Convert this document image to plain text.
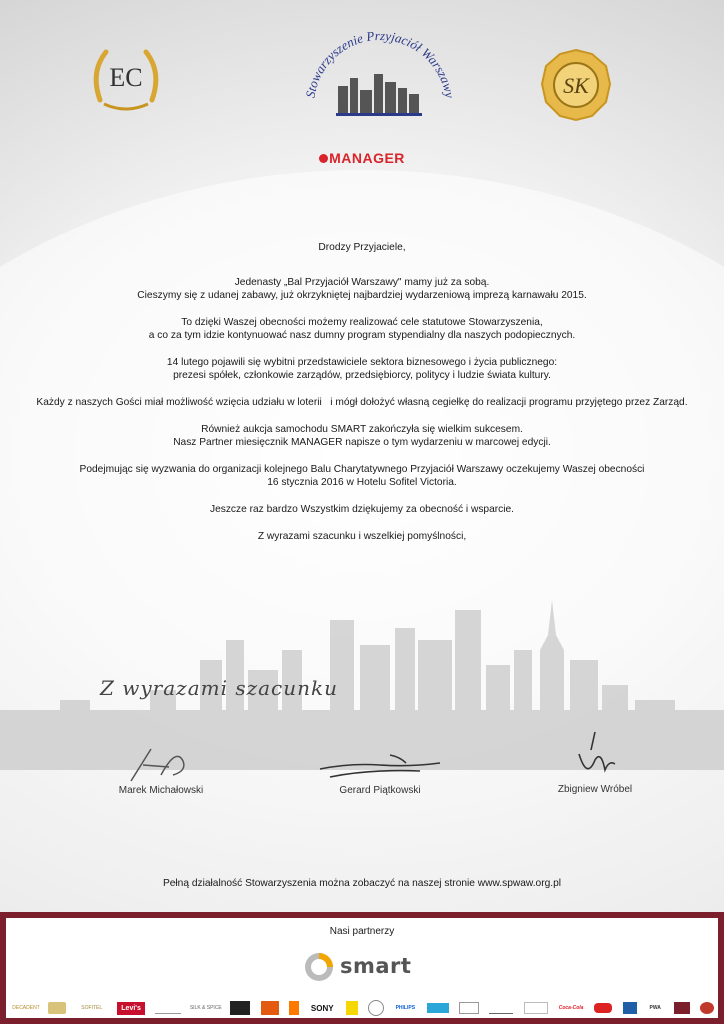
EC
Stowarzyszenie Przyjaciół Warszawy	SK
MANAGER

Drodzy Przyjaciele,

Jedenasty „Bal Przyjaciół Warszawy" mamy już za sobą.
Cieszymy się z udanej zabawy, już okrzykniętej najbardziej wydarzeniową imprezą karnawału 2015.

To dzięki Waszej obecności możemy realizować cele statutowe Stowarzyszenia,
a co za tym idzie kontynuować nasz dumny program stypendialny dla naszych podopiecznych.

14 lutego pojawili się wybitni przedstawiciele sektora biznesowego i życia publicznego:
prezesi spółek, członkowie zarządów, przedsiębiorcy, politycy i ludzie świata kultury.

Każdy z naszych Gości miał możliwość wzięcia udziału w loterii   i mógł dołożyć własną cegiełkę do realizacji programu przyjętego przez Zarząd.

Również aukcja samochodu SMART zakończyła się wielkim sukcesem.
Nasz Partner miesięcznik MANAGER napisze o tym wydarzeniu w marcowej edycji.

Podejmując się wyzwania do organizacji kolejnego Balu Charytatywnego Przyjaciół Warszawy oczekujemy Waszej obecności
16 stycznia 2016 w Hotelu Sofitel Victoria.

Jeszcze raz bardzo Wszystkim dziękujemy za obecność i wsparcie.

Z wyrazami szacunku i wszelkiej pomyślności,

Z wyrazami szacunku
Marek Michałowski	Gerard Piątkowski	Zbigniew Wróbel
Pełną działalność Stowarzyszenia można zobaczyć na naszej stronie www.spwaw.org.pl
Nasi partnerzy
smart
DECADENT	SOFITEL	Levi's	SILK & SPICE	SONY	PHILIPS	Coca-Cola	PWA
